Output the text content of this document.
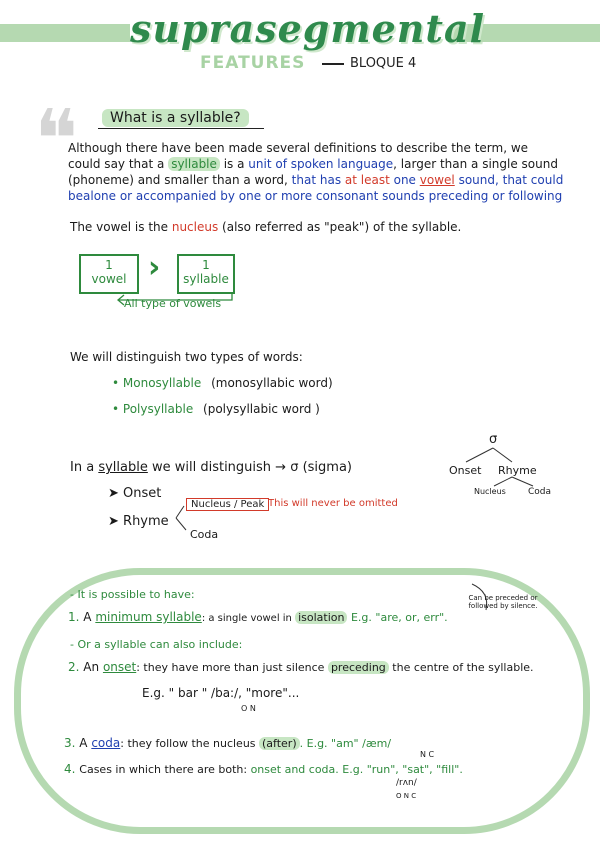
suprasegmental
FEATURES	BLOQUE 4
❝	What is a syllable?
Although there have been made several definitions to describe the term, we
could say that a syllable is a unit of spoken language, larger than a single sound
(phoneme) and smaller than a word, that has at least one vowel sound, that could
bealone or accompanied by one or more consonant sounds preceding or following
The vowel is the nucleus (also referred as "peak") of the syllable.
1
vowel ›	1
syllable
All type of vowels
We will distinguish two types of words:
• Monosyllable (monosyllabic word)
• Polysyllable (polysyllabic word )
In a syllable we will distinguish → σ (sigma)
➤ Onset
➤ Rhyme
Nucleus / Peak This will never be omitted
Coda
σ
Onset Rhyme
Nucleus Coda
- It is possible to have:
1. A minimum syllable: a single vowel in isolation E.g. "are, or, err".
Can be preceded or followed by silence.
- Or a syllable can also include:
2. An onset: they have more than just silence preceding the centre of the syllable.
E.g. " bar " /ba:/, "more"...
O N
3. A coda: they follow the nucleus (after) . E.g. "am" /æm/
N C
4. Cases in which there are both: onset and coda. E.g. "run", "sat", "fill".
/rʌn/
O N C
